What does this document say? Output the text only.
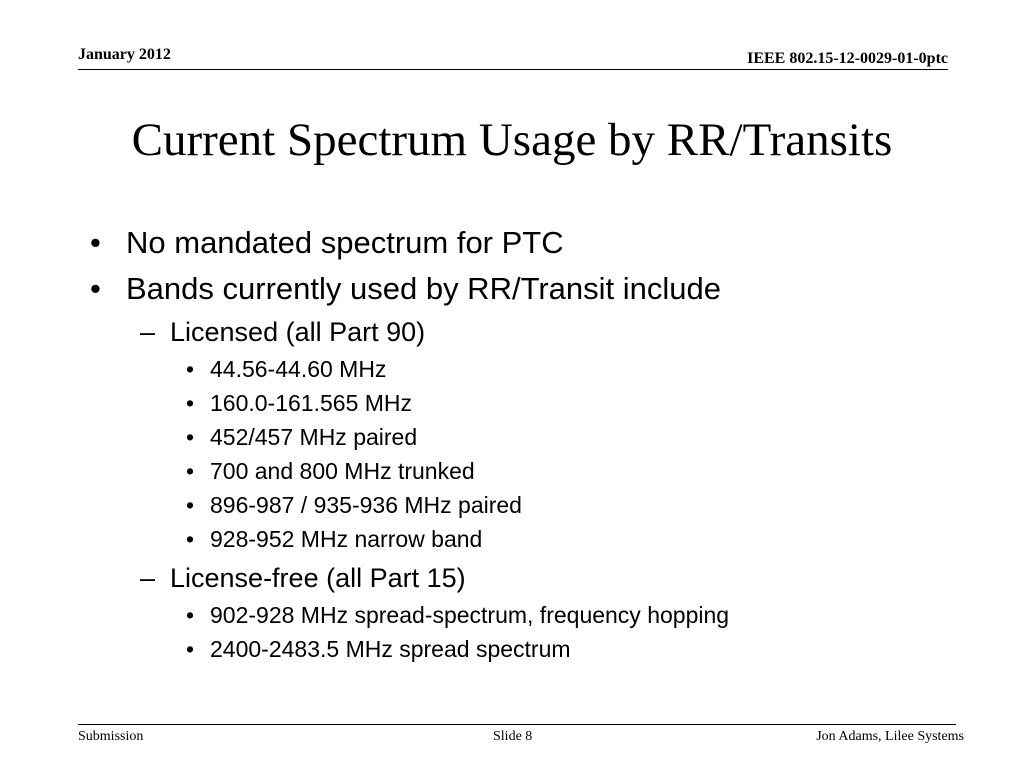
January 2012	IEEE 802.15-12-0029-01-0ptc
Current Spectrum Usage by RR/Transits
• No mandated spectrum for PTC
• Bands currently used by RR/Transit include
– Licensed (all Part 90)
• 44.56-44.60 MHz
• 160.0-161.565 MHz
• 452/457 MHz paired
• 700 and 800 MHz trunked
• 896-987 / 935-936 MHz paired
• 928-952 MHz narrow band
– License-free (all Part 15)
• 902-928 MHz spread-spectrum, frequency hopping
• 2400-2483.5 MHz spread spectrum
Submission	Slide 8	Jon Adams, Lilee Systems
